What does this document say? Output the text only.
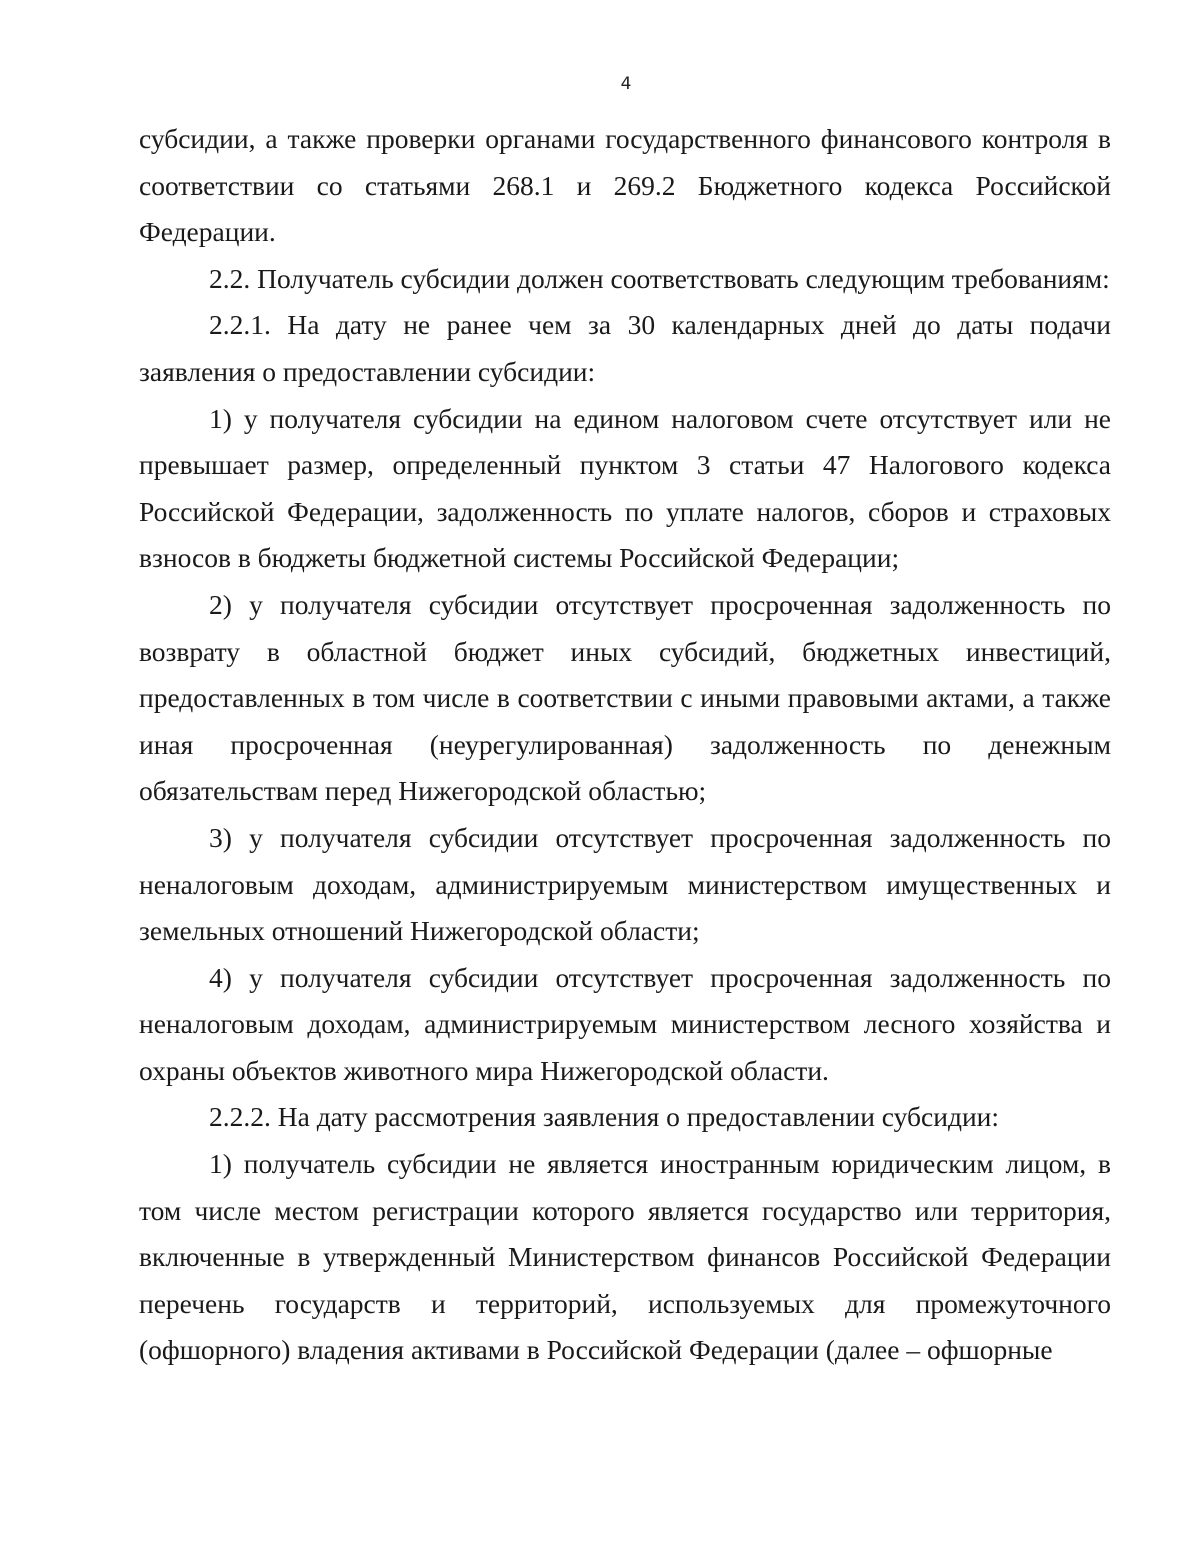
4

субсидии, а также проверки органами государственного финансового контроля в соответствии со статьями 268.1 и 269.2 Бюджетного кодекса Российской Федерации.

2.2. Получатель субсидии должен соответствовать следующим требованиям:

2.2.1. На дату не ранее чем за 30 календарных дней до даты подачи заявления о предоставлении субсидии:

1) у получателя субсидии на едином налоговом счете отсутствует или не превышает размер, определенный пунктом 3 статьи 47 Налогового кодекса Российской Федерации, задолженность по уплате налогов, сборов и страховых взносов в бюджеты бюджетной системы Российской Федерации;

2) у получателя субсидии отсутствует просроченная задолженность по возврату в областной бюджет иных субсидий, бюджетных инвестиций, предоставленных в том числе в соответствии с иными правовыми актами, а также иная просроченная (неурегулированная) задолженность по денежным обязательствам перед Нижегородской областью;

3) у получателя субсидии отсутствует просроченная задолженность по неналоговым доходам, администрируемым министерством имущественных и земельных отношений Нижегородской области;

4) у получателя субсидии отсутствует просроченная задолженность по неналоговым доходам, администрируемым министерством лесного хозяйства и охраны объектов животного мира Нижегородской области.

2.2.2. На дату рассмотрения заявления о предоставлении субсидии:

1) получатель субсидии не является иностранным юридическим лицом, в том числе местом регистрации которого является государство или территория, включенные в утвержденный Министерством финансов Российской Федерации перечень государств и территорий, используемых для промежуточного (офшорного) владения активами в Российской Федерации (далее – офшорные
